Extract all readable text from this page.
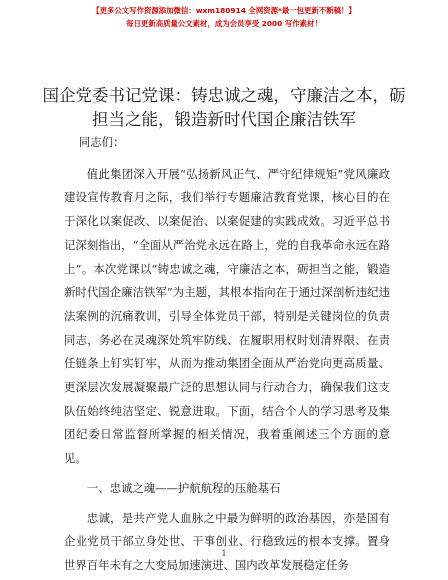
【更多公文写作资源添加微信：wxm180914 全网资源*最一包更新不断稿！】
每日更新高质量公文素材，成为会员享受 2000 写作素材！
国企党委书记党课：铸忠诚之魂，守廉洁之本，砺担当之能，锻造新时代国企廉洁铁军

同志们：

值此集团深入开展“弘扬新风正气、严守纪律规矩”党风廉政建设宣传教育月之际，我们举行专题廉洁教育党课，核心目的在于深化以案促改、以案促治、以案促建的实践成效。习近平总书记深刻指出，“全面从严治党永远在路上，党的自我革命永远在路上”。本次党课以“铸忠诚之魂，守廉洁之本，砺担当之能，锻造新时代国企廉洁铁军”为主题，其根本指向在于通过深剖析违纪违法案例的沉痛教训，引导全体党员干部，特别是关键岗位的负责同志，务必在灵魂深处筑牢防线、在履职用权时划清界限、在责任链条上钉实钉牢，从而为推动集团全面从严治党向更高质量、更深层次发展凝聚最广泛的思想认同与行动合力，确保我们这支队伍始终纯洁坚定、锐意进取。下面，结合个人的学习思考及集团纪委日常监督所掌握的相关情况，我着重阐述三个方面的意见。

一、忠诚之魂——护航航程的压舱基石

忠诚，是共产党人血脉之中最为鲜明的政治基因，亦是国有企业党员干部立身处世、干事创业、行稳致远的根本支撑。置身世界百年未有之大变局加速演进、国内改革发展稳定任务

1
